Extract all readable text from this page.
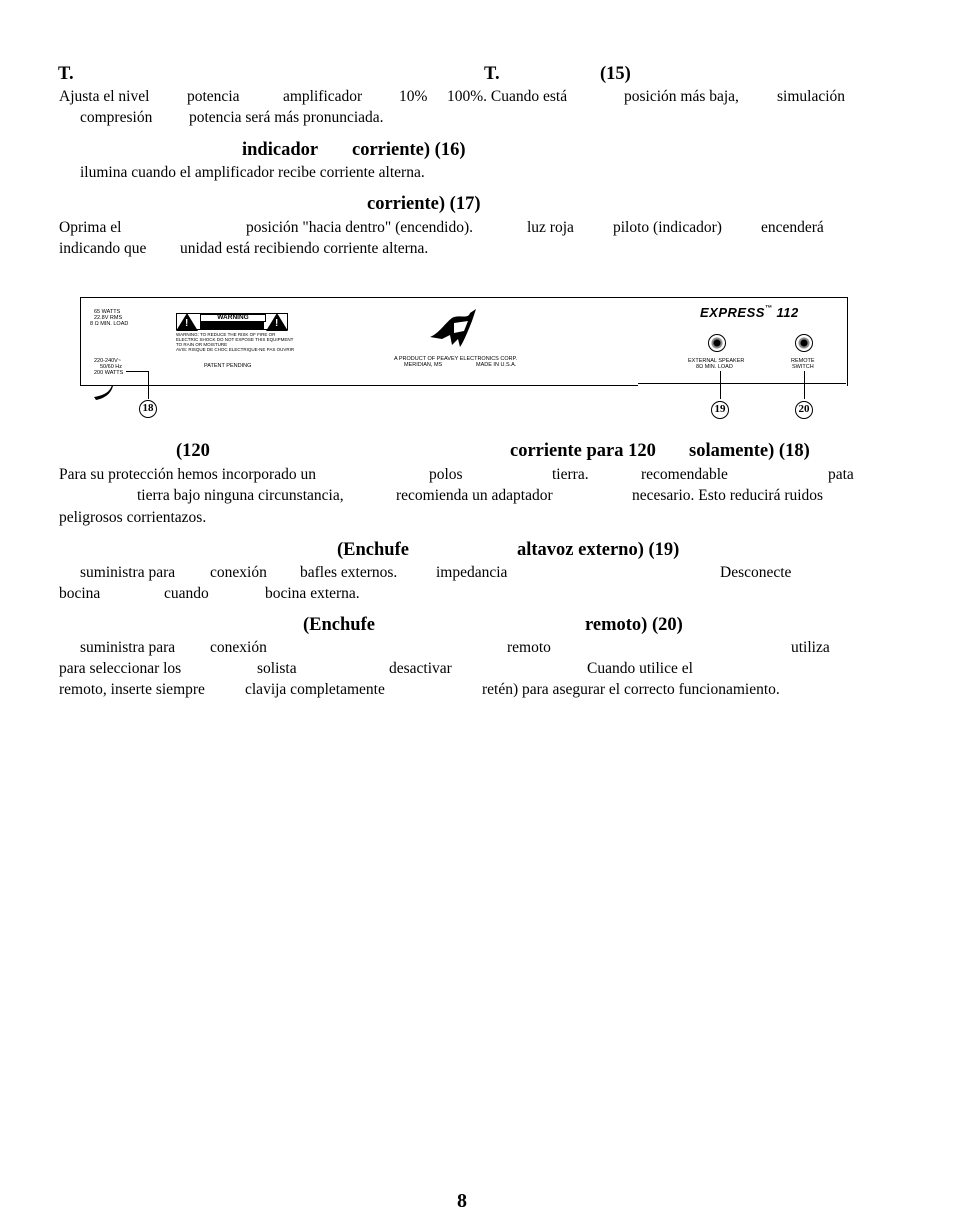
T.	T.	(15)
Ajusta el nivel potencia	amplificador 10% 100%. Cuando está	posición más baja, simulación
compresión potencia será más pronunciada.
indicador corriente) (16)
ilumina cuando el amplificador recibe corriente alterna.
corriente) (17)
Oprima el	posición "hacia dentro" (encendido).	luz roja	piloto (indicador)	encenderá
indicando que unidad está recibiendo corriente alterna.
65 WATTS
22.8V RMS
8 Ω MIN. LOAD	!
WARNING
!
WARNING: TO REDUCE THE RISK OF FIRE OR
ELECTRIC SHOCK DO NOT EXPOSE THIS EQUIPMENT
TO RAIN OR MOISTURE
AVIS: RISQUE DE CHOC ELECTRIQUE-NE PAS OUVRIR
220-240V~
50/60 Hz
200 WATTS
PATENT PENDING
A PRODUCT OF PEAVEY ELECTRONICS CORP.
MERIDIAN, MS	MADE IN U.S.A.
EXPRESS™ 112
EXTERNAL SPEAKER
8Ω MIN. LOAD
REMOTE
SWITCH
18	19	20
(120	corriente para 120 solamente) (18)
Para su protección hemos incorporado un	polos	tierra.	recomendable	pata
tierra bajo ninguna circunstancia,	recomienda un adaptador	necesario. Esto reducirá ruidos
peligrosos corrientazos.
(Enchufe	altavoz externo) (19)
suministra para conexión bafles externos. impedancia	Desconecte
bocina	cuando	bocina externa.
(Enchufe	remoto) (20)
suministra para conexión	remoto	utiliza
para seleccionar los	solista	desactivar	Cuando utilice el
remoto, inserte siempre	clavija completamente	retén) para asegurar el correcto funcionamiento.
8
